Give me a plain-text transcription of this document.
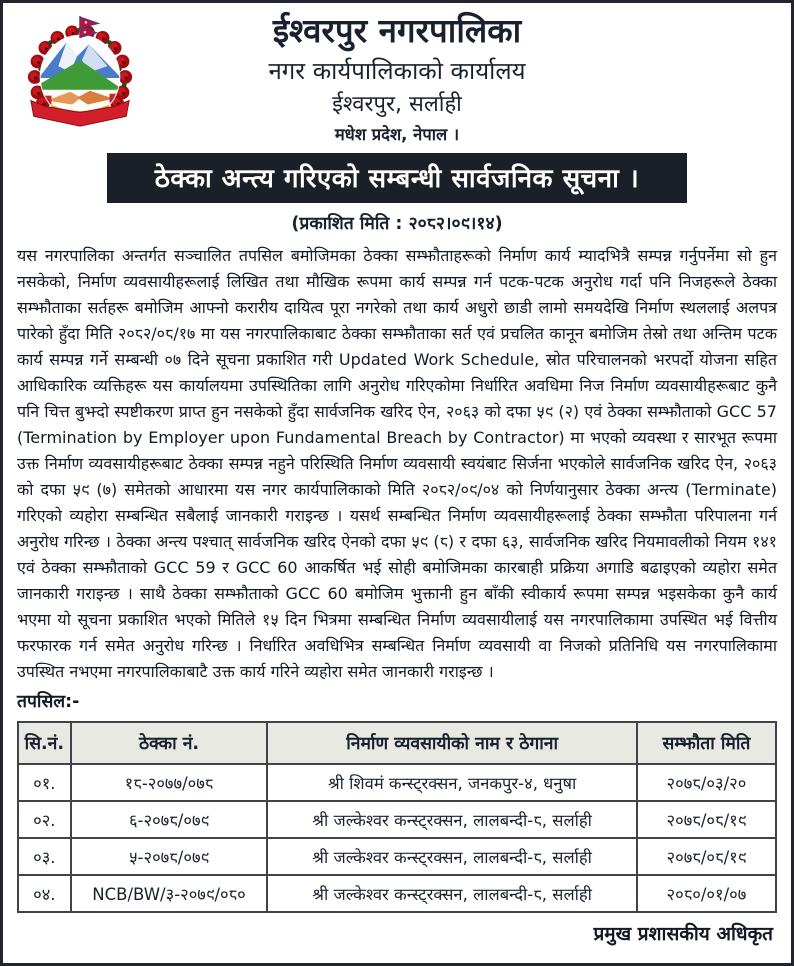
ईश्वरपुर नगरपालिका
नगर कार्यपालिकाको कार्यालय
ईश्वरपुर, सर्लाही
मधेश प्रदेश, नेपाल ।
ठेक्का अन्त्य गरिएको सम्बन्धी सार्वजनिक सूचना ।
(प्रकाशित मिति : २०८२।०९।१४)

यस नगरपालिका अन्तर्गत सञ्चालित तपसिल बमोजिमका ठेक्का सम्झौताहरूको निर्माण कार्य म्यादभित्रै सम्पन्न गर्नुपर्नेमा सो हुन नसकेको, निर्माण व्यवसायीहरूलाई लिखित तथा मौखिक रूपमा कार्य सम्पन्न गर्न पटक-पटक अनुरोध गर्दा पनि निजहरूले ठेक्का सम्झौताका सर्तहरू बमोजिम आफ्नो करारीय दायित्व पूरा नगरेको तथा कार्य अधुरो छाडी लामो समयदेखि निर्माण स्थललाई अलपत्र पारेको हुँदा मिति २०८२/०८/१७ मा यस नगरपालिकाबाट ठेक्का सम्झौताका सर्त एवं प्रचलित कानून बमोजिम तेस्रो तथा अन्तिम पटक कार्य सम्पन्न गर्ने सम्बन्धी ०७ दिने सूचना प्रकाशित गरी Updated Work Schedule, स्रोत परिचालनको भरपर्दो योजना सहित आधिकारिक व्यक्तिहरू यस कार्यालयमा उपस्थितिका लागि अनुरोध गरिएकोमा निर्धारित अवधिमा निज निर्माण व्यवसायीहरूबाट कुनै पनि चित्त बुझ्दो स्पष्टीकरण प्राप्त हुन नसकेको हुँदा सार्वजनिक खरिद ऐन, २०६३ को दफा ५९ (२) एवं ठेक्का सम्झौताको GCC 57 (Termination by Employer upon Fundamental Breach by Contractor) मा भएको व्यवस्था र सारभूत रूपमा उक्त निर्माण व्यवसायीहरूबाट ठेक्का सम्पन्न नहुने परिस्थिति निर्माण व्यवसायी स्वयंबाट सिर्जना भएकोले सार्वजनिक खरिद ऐन, २०६३ को दफा ५९ (७) समेतको आधारमा यस नगर कार्यपालिकाको मिति २०८२/०९/०४ को निर्णयानुसार ठेक्का अन्त्य (Terminate) गरिएको व्यहोरा सम्बन्धित सबैलाई जानकारी गराइन्छ । यसर्थ सम्बन्धित निर्माण व्यवसायीहरूलाई ठेक्का सम्झौता परिपालना गर्न अनुरोध गरिन्छ । ठेक्का अन्त्य पश्चात् सार्वजनिक खरिद ऐनको दफा ५९ (८) र दफा ६३, सार्वजनिक खरिद नियमावलीको नियम १४१ एवं ठेक्का सम्झौताको GCC 59 र GCC 60 आकर्षित भई सोही बमोजिमका कारबाही प्रक्रिया अगाडि बढाइएको व्यहोरा समेत जानकारी गराइन्छ । साथै ठेक्का सम्झौताको GCC 60 बमोजिम भुक्तानी हुन बाँकी स्वीकार्य रूपमा सम्पन्न भइसकेका कुनै कार्य भएमा यो सूचना प्रकाशित भएको मितिले १५ दिन भित्रमा सम्बन्धित निर्माण व्यवसायीलाई यस नगरपालिकामा उपस्थित भई वित्तीय फरफारक गर्न समेत अनुरोध गरिन्छ । निर्धारित अवधिभित्र सम्बन्धित निर्माण व्यवसायी वा निजको प्रतिनिधि यस नगरपालिकामा उपस्थित नभएमा नगरपालिकाबाटै उक्त कार्य गरिने व्यहोरा समेत जानकारी गराइन्छ ।

तपसिल:-
सि.नं.	ठेक्का नं.	निर्माण व्यवसायीको नाम र ठेगाना	सम्झौता मिति
०१.	१८-२०७७/०७८	श्री शिवमं कन्स्ट्रक्सन, जनकपुर-४, धनुषा	२०७८/०३/२०
०२.	६-२०७८/०७९	श्री जल्केश्वर कन्स्ट्रक्सन, लालबन्दी-८, सर्लाही	२०७८/०८/१९
०३.	५-२०७८/०७९	श्री जल्केश्वर कन्स्ट्रक्सन, लालबन्दी-८, सर्लाही	२०७८/०८/१९
०४.	NCB/BW/३-२०७९/०८०	श्री जल्केश्वर कन्स्ट्रक्सन, लालबन्दी-८, सर्लाही	२०८०/०१/०७
प्रमुख प्रशासकीय अधिकृत
